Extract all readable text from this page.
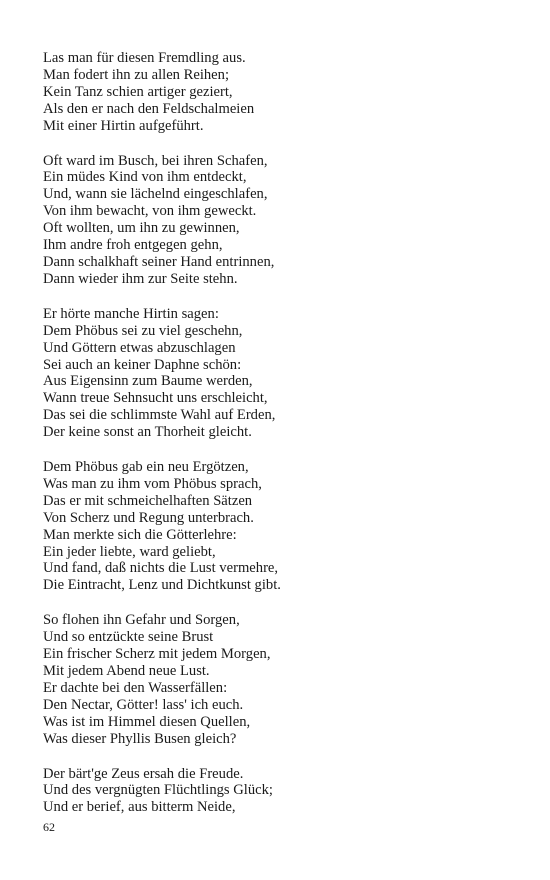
Las man für diesen Fremdling aus.
Man fodert ihn zu allen Reihen;
Kein Tanz schien artiger geziert,
Als den er nach den Feldschalmeien
Mit einer Hirtin aufgeführt.
Oft ward im Busch, bei ihren Schafen,
Ein müdes Kind von ihm entdeckt,
Und, wann sie lächelnd eingeschlafen,
Von ihm bewacht, von ihm geweckt.
Oft wollten, um ihn zu gewinnen,
Ihm andre froh entgegen gehn,
Dann schalkhaft seiner Hand entrinnen,
Dann wieder ihm zur Seite stehn.
Er hörte manche Hirtin sagen:
Dem Phöbus sei zu viel geschehn,
Und Göttern etwas abzuschlagen
Sei auch an keiner Daphne schön:
Aus Eigensinn zum Baume werden,
Wann treue Sehnsucht uns erschleicht,
Das sei die schlimmste Wahl auf Erden,
Der keine sonst an Thorheit gleicht.
Dem Phöbus gab ein neu Ergötzen,
Was man zu ihm vom Phöbus sprach,
Das er mit schmeichelhaften Sätzen
Von Scherz und Regung unterbrach.
Man merkte sich die Götterlehre:
Ein jeder liebte, ward geliebt,
Und fand, daß nichts die Lust vermehre,
Die Eintracht, Lenz und Dichtkunst gibt.
So flohen ihn Gefahr und Sorgen,
Und so entzückte seine Brust
Ein frischer Scherz mit jedem Morgen,
Mit jedem Abend neue Lust.
Er dachte bei den Wasserfällen:
Den Nectar, Götter! lass' ich euch.
Was ist im Himmel diesen Quellen,
Was dieser Phyllis Busen gleich?
Der bärt'ge Zeus ersah die Freude.
Und des vergnügten Flüchtlings Glück;
Und er berief, aus bitterm Neide,
62
